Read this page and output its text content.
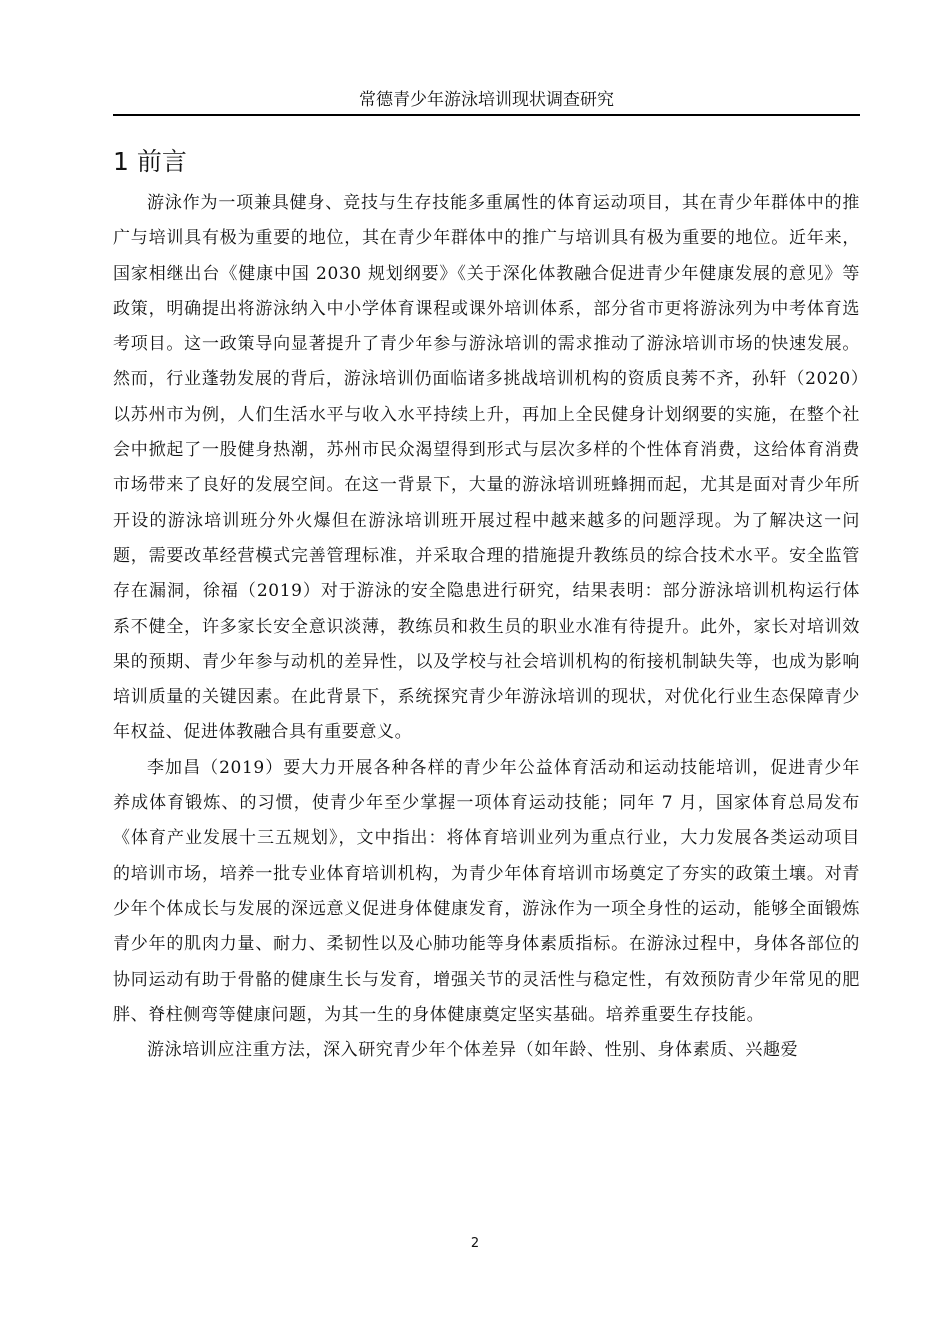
常德青少年游泳培训现状调查研究
1 前言

游泳作为一项兼具健身、竞技与生存技能多重属性的体育运动项目，其在青少年群体中的推广与培训具有极为重要的地位，其在青少年群体中的推广与培训具有极为重要的地位。近年来，国家相继出台《健康中国 2030 规划纲要》《关于深化体教融合促进青少年健康发展的意见》等政策，明确提出将游泳纳入中小学体育课程或课外培训体系，部分省市更将游泳列为中考体育选考项目。这一政策导向显著提升了青少年参与游泳培训的需求推动了游泳培训市场的快速发展。然而，行业蓬勃发展的背后，游泳培训仍面临诸多挑战培训机构的资质良莠不齐，孙轩（2020）以苏州市为例，人们生活水平与收入水平持续上升，再加上全民健身计划纲要的实施，在整个社会中掀起了一股健身热潮，苏州市民众渴望得到形式与层次多样的个性体育消费，这给体育消费市场带来了良好的发展空间。在这一背景下，大量的游泳培训班蜂拥而起，尤其是面对青少年所开设的游泳培训班分外火爆但在游泳培训班开展过程中越来越多的问题浮现。为了解决这一问题，需要改革经营模式完善管理标准，并采取合理的措施提升教练员的综合技术水平。安全监管存在漏洞，徐福（2019）对于游泳的安全隐患进行研究，结果表明：部分游泳培训机构运行体系不健全，许多家长安全意识淡薄，教练员和救生员的职业水准有待提升。此外，家长对培训效果的预期、青少年参与动机的差异性，以及学校与社会培训机构的衔接机制缺失等，也成为影响培训质量的关键因素。在此背景下，系统探究青少年游泳培训的现状，对优化行业生态保障青少年权益、促进体教融合具有重要意义。

李加昌（2019）要大力开展各种各样的青少年公益体育活动和运动技能培训，促进青少年养成体育锻炼、的习惯，使青少年至少掌握一项体育运动技能；同年 7 月，国家体育总局发布《体育产业发展十三五规划》，文中指出：将体育培训业列为重点行业，大力发展各类运动项目的培训市场，培养一批专业体育培训机构，为青少年体育培训市场奠定了夯实的政策土壤。对青少年个体成长与发展的深远意义促进身体健康发育，游泳作为一项全身性的运动，能够全面锻炼青少年的肌肉力量、耐力、柔韧性以及心肺功能等身体素质指标。在游泳过程中，身体各部位的协同运动有助于骨骼的健康生长与发育，增强关节的灵活性与稳定性，有效预防青少年常见的肥胖、脊柱侧弯等健康问题，为其一生的身体健康奠定坚实基础。培养重要生存技能。

游泳培训应注重方法，深入研究青少年个体差异（如年龄、性别、身体素质、兴趣爱

2
